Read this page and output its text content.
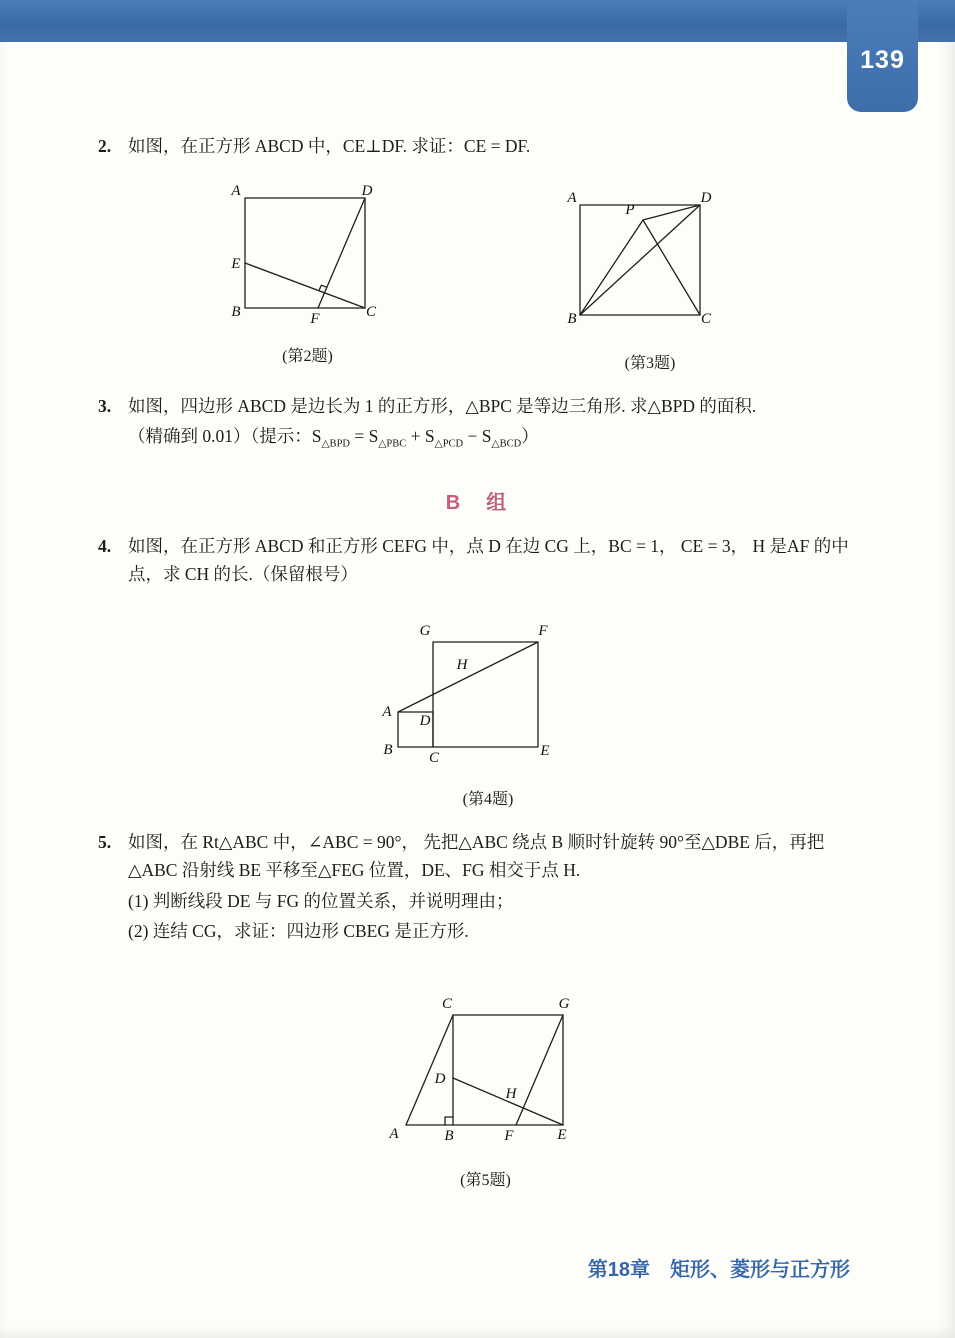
139
2. 如图，在正方形 ABCD 中，CE⊥DF. 求证：CE = DF.
A	D
E
B	F	C
(第2题)
A
P
D
B	C
(第3题)
3. 如图，四边形 ABCD 是边长为 1 的正方形，△BPC 是等边三角形. 求△BPD 的面积.
（精确到 0.01）（提示：$S_{\triangle BPD} = S_{\triangle PBC} + S_{\triangle PCD} - S_{\triangle BCD}$）
B　组
4. 如图，在正方形 ABCD 和正方形 CEFG 中，点 D 在边 CG 上，BC = 1， CE = 3， H 是AF 的中点，求 CH 的长.（保留根号）
G	F
H
A
D
B C	E
(第4题)
5. 如图，在 Rt△ABC 中，∠ABC = 90°， 先把△ABC 绕点 B 顺时针旋转 90°至△DBE 后，再把△ABC 沿射线 BE 平移至△FEG 位置，DE、FG 相交于点 H.
(1) 判断线段 DE 与 FG 的位置关系，并说明理由；
(2) 连结 CG，求证：四边形 CBEG 是正方形.
C	G
D
H
A	B	F	E
(第5题)
第18章 矩形、菱形与正方形
